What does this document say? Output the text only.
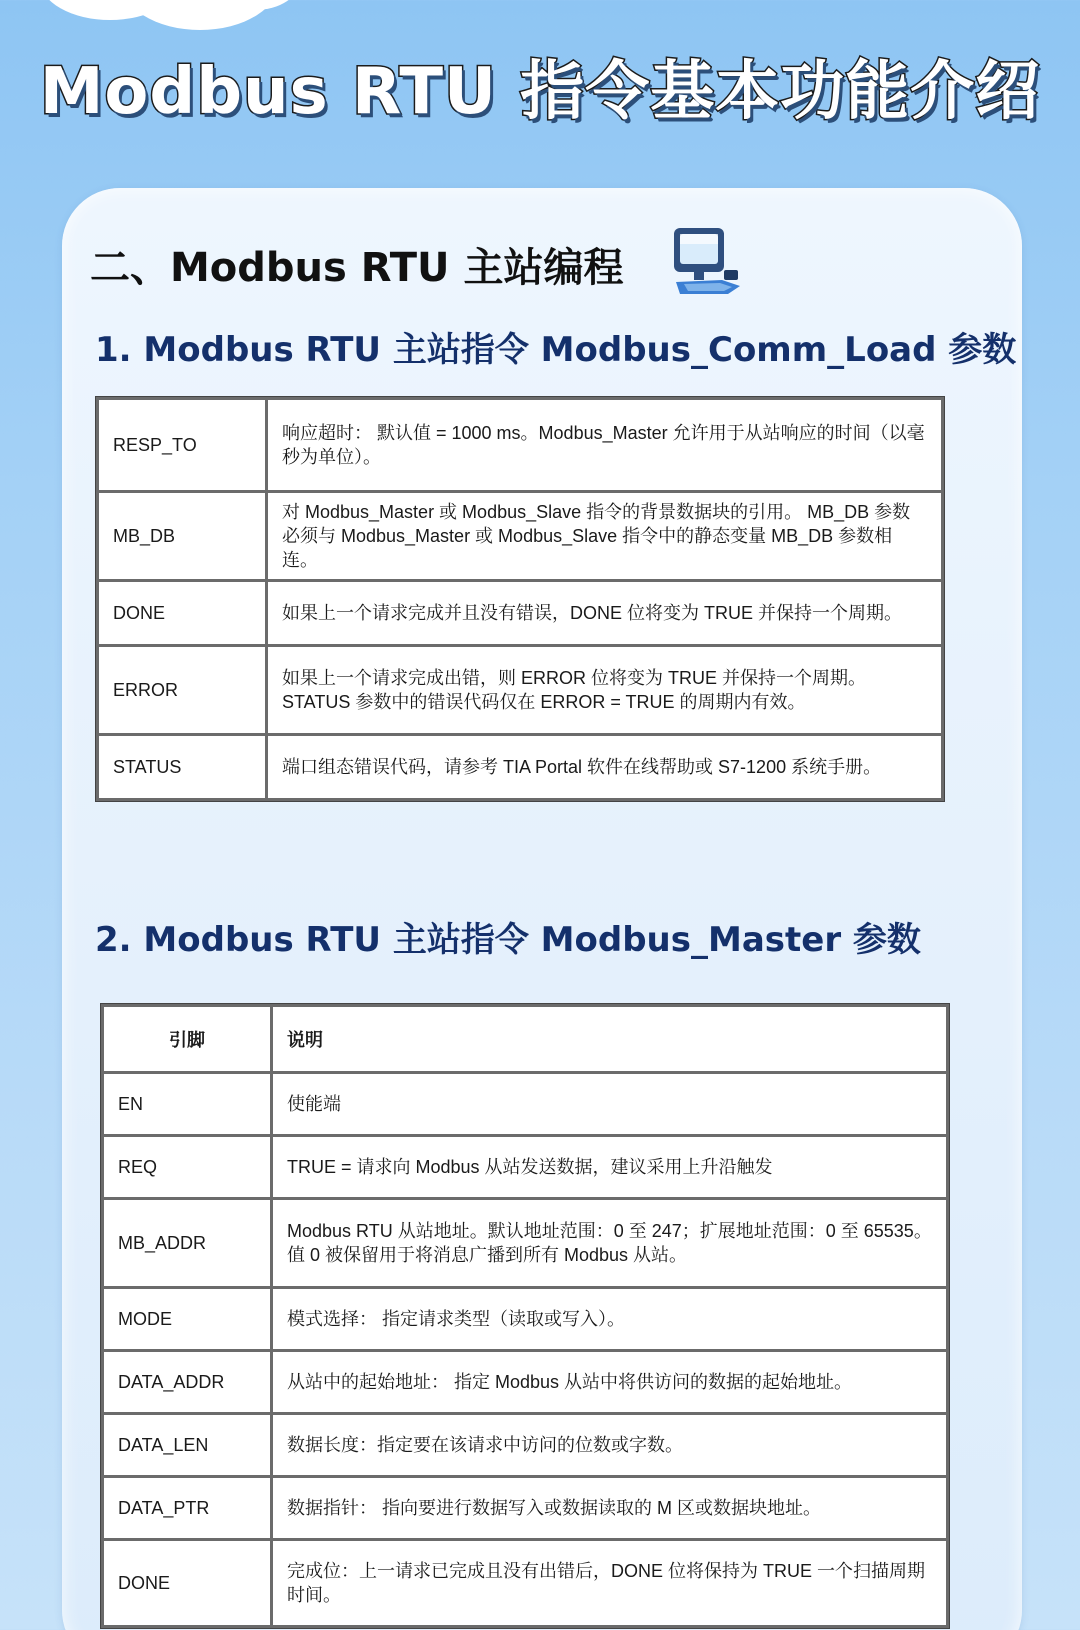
Modbus RTU 指令基本功能介绍
二、Modbus RTU 主站编程
1. Modbus RTU 主站指令 Modbus_Comm_Load 参数
RESP_TO	响应超时： 默认值 = 1000 ms。Modbus_Master 允许用于从站响应的时间（以毫秒为单位）。
MB_DB	对 Modbus_Master 或 Modbus_Slave 指令的背景数据块的引用。 MB_DB 参数必须与 Modbus_Master 或 Modbus_Slave 指令中的静态变量 MB_DB 参数相连。
DONE	如果上一个请求完成并且没有错误，DONE 位将变为 TRUE 并保持一个周期。
ERROR	如果上一个请求完成出错，则 ERROR 位将变为 TRUE 并保持一个周期。 STATUS 参数中的错误代码仅在 ERROR = TRUE 的周期内有效。
STATUS	端口组态错误代码，请参考 TIA Portal 软件在线帮助或 S7-1200 系统手册。
2. Modbus RTU 主站指令 Modbus_Master 参数
引脚	说明
EN	使能端
REQ	TRUE = 请求向 Modbus 从站发送数据，建议采用上升沿触发
MB_ADDR	Modbus RTU 从站地址。默认地址范围：0 至 247；扩展地址范围：0 至 65535。值 0 被保留用于将消息广播到所有 Modbus 从站。
MODE	模式选择： 指定请求类型（读取或写入）。
DATA_ADDR	从站中的起始地址： 指定 Modbus 从站中将供访问的数据的起始地址。
DATA_LEN	数据长度：指定要在该请求中访问的位数或字数。
DATA_PTR	数据指针： 指向要进行数据写入或数据读取的 M 区或数据块地址。
DONE	完成位：上一请求已完成且没有出错后，DONE 位将保持为 TRUE 一个扫描周期时间。
